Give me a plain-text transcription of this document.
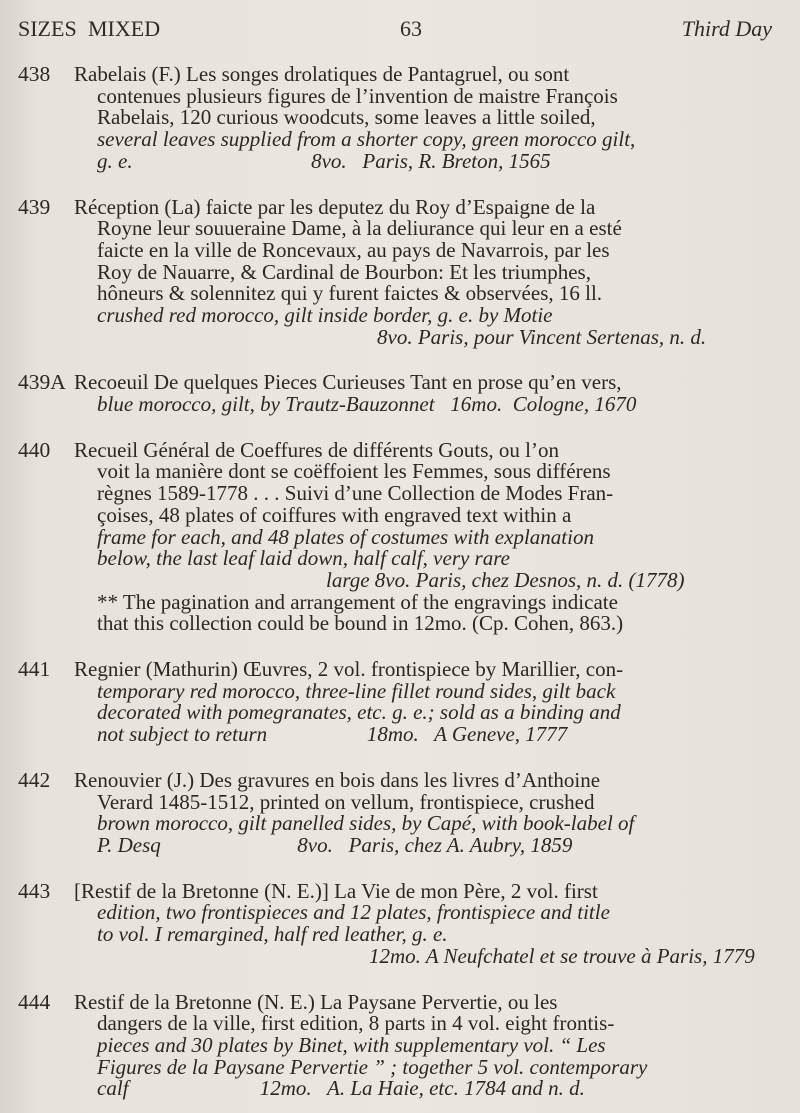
SIZES MIXED	63	Third Day
438	Rabelais (F.) Les songes drolatiques de Pantagruel, ou sont
contenues plusieurs figures de l’invention de maistre François
Rabelais, 120 curious woodcuts, some leaves a little soiled,
several leaves supplied from a shorter copy, green morocco gilt,
g. e.                                  8vo.   Paris, R. Breton, 1565
439	Réception (La) faicte par les deputez du Roy d’Espaigne de la
Royne leur souueraine Dame, à la deliurance qui leur en a esté
faicte en la ville de Roncevaux, au pays de Navarrois, par les
Roy de Nauarre, & Cardinal de Bourbon: Et les triumphes,
hôneurs & solennitez qui y furent faictes & observées, 16 ll.
crushed red morocco, gilt inside border, g. e. by Motie
8vo. Paris, pour Vincent Sertenas, n. d.
439A Recoeuil De quelques Pieces Curieuses Tant en prose qu’en vers,
blue morocco, gilt, by Trautz-Bauzonnet   16mo.  Cologne, 1670
440	Recueil Général de Coeffures de différents Gouts, ou l’on
voit la manière dont se coëffoient les Femmes, sous différens
règnes 1589-1778 . . . Suivi d’une Collection de Modes Fran-
çoises, 48 plates of coiffures with engraved text within a
frame for each, and 48 plates of costumes with explanation
below, the last leaf laid down, half calf, very rare
large 8vo. Paris, chez Desnos, n. d. (1778)
** The pagination and arrangement of the engravings indicate
that this collection could be bound in 12mo. (Cp. Cohen, 863.)
441	Regnier (Mathurin) Œuvres, 2 vol. frontispiece by Marillier, con-
temporary red morocco, three-line fillet round sides, gilt back
decorated with pomegranates, etc. g. e.; sold as a binding and
not subject to return                   18mo.   A Geneve, 1777
442	Renouvier (J.) Des gravures en bois dans les livres d’Anthoine
Verard 1485-1512, printed on vellum, frontispiece, crushed
brown morocco, gilt panelled sides, by Capé, with book-label of
P. Desq                          8vo.   Paris, chez A. Aubry, 1859
443	[Restif de la Bretonne (N. E.)] La Vie de mon Père, 2 vol. first
edition, two frontispieces and 12 plates, frontispiece and title
to vol. I remargined, half red leather, g. e.
12mo. A Neufchatel et se trouve à Paris, 1779
444	Restif de la Bretonne (N. E.) La Paysane Pervertie, ou les
dangers de la ville, first edition, 8 parts in 4 vol. eight frontis-
pieces and 30 plates by Binet, with supplementary vol. “ Les
Figures de la Paysane Pervertie ” ; together 5 vol. contemporary
calf                         12mo.   A. La Haie, etc. 1784 and n. d.
